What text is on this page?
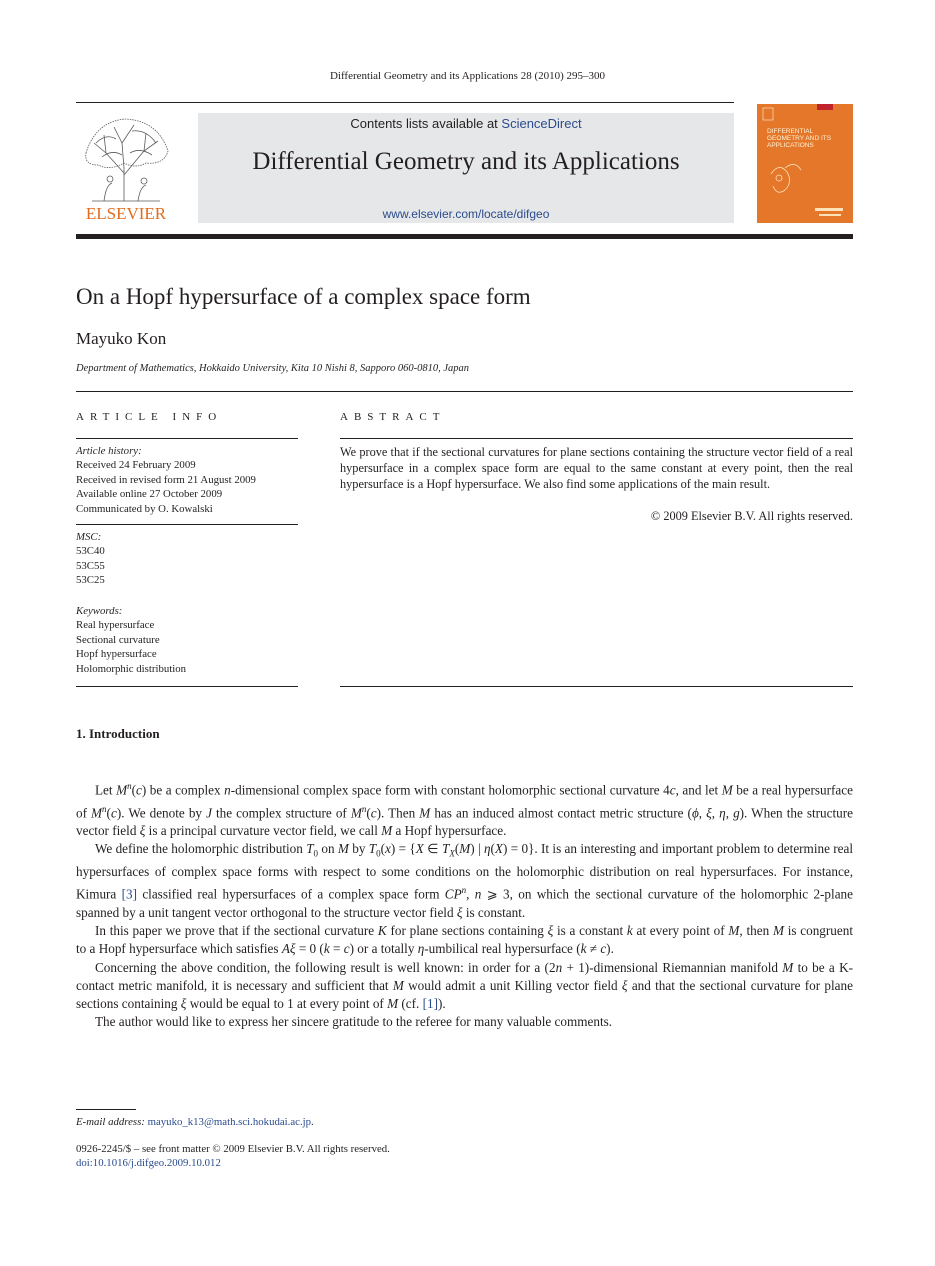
Differential Geometry and its Applications 28 (2010) 295–300
ELSEVIER
Contents lists available at ScienceDirect
Differential Geometry and its Applications
www.elsevier.com/locate/difgeo
DIFFERENTIAL GEOMETRY AND ITS APPLICATIONS
On a Hopf hypersurface of a complex space form
Mayuko Kon
Department of Mathematics, Hokkaido University, Kita 10 Nishi 8, Sapporo 060-0810, Japan
ARTICLE INFO	ABSTRACT
Article history:
Received 24 February 2009
Received in revised form 21 August 2009
Available online 27 October 2009
Communicated by O. Kowalski
MSC:
53C40
53C55
53C25
Keywords:
Real hypersurface
Sectional curvature
Hopf hypersurface
Holomorphic distribution
We prove that if the sectional curvatures for plane sections containing the structure vector field of a real hypersurface in a complex space form are equal to the same constant at every point, then the real hypersurface is a Hopf hypersurface. We also find some applications of the main result.
© 2009 Elsevier B.V. All rights reserved.
1. Introduction

Let $M^n(c)$ be a complex n-dimensional complex space form with constant holomorphic sectional curvature 4c, and let M be a real hypersurface of $M^n(c)$. We denote by J the complex structure of $M^n(c)$. Then M has an induced almost contact metric structure (ϕ, ξ, η, g). When the structure vector field ξ is a principal curvature vector field, we call M a Hopf hypersurface.

We define the holomorphic distribution $T_0$ on M by $T_0(x) = \{X$ ∈ $T_X(M)$ | η(X) = 0}. It is an interesting and important problem to determine real hypersurfaces of complex space forms with respect to some conditions on the holomorphic distribution on real hypersurfaces. For instance, Kimura [3] classified real hypersurfaces of a complex space form $CP^n$, n ⩾ 3, on which the sectional curvature of the holomorphic 2-plane spanned by a unit tangent vector orthogonal to the structure vector field ξ is constant.

In this paper we prove that if the sectional curvature K for plane sections containing ξ is a constant k at every point of M, then M is congruent to a Hopf hypersurface which satisfies Aξ = 0 (k = c) or a totally η-umbilical real hypersurface (k ≠ c).

Concerning the above condition, the following result is well known: in order for a (2n + 1)-dimensional Riemannian manifold M to be a K-contact metric manifold, it is necessary and sufficient that M would admit a unit Killing vector field ξ and that the sectional curvature for plane sections containing ξ would be equal to 1 at every point of M (cf. [1]).

The author would like to express her sincere gratitude to the referee for many valuable comments.

E-mail address: mayuko_k13@math.sci.hokudai.ac.jp.
0926-2245/$ – see front matter © 2009 Elsevier B.V. All rights reserved.
doi:10.1016/j.difgeo.2009.10.012
